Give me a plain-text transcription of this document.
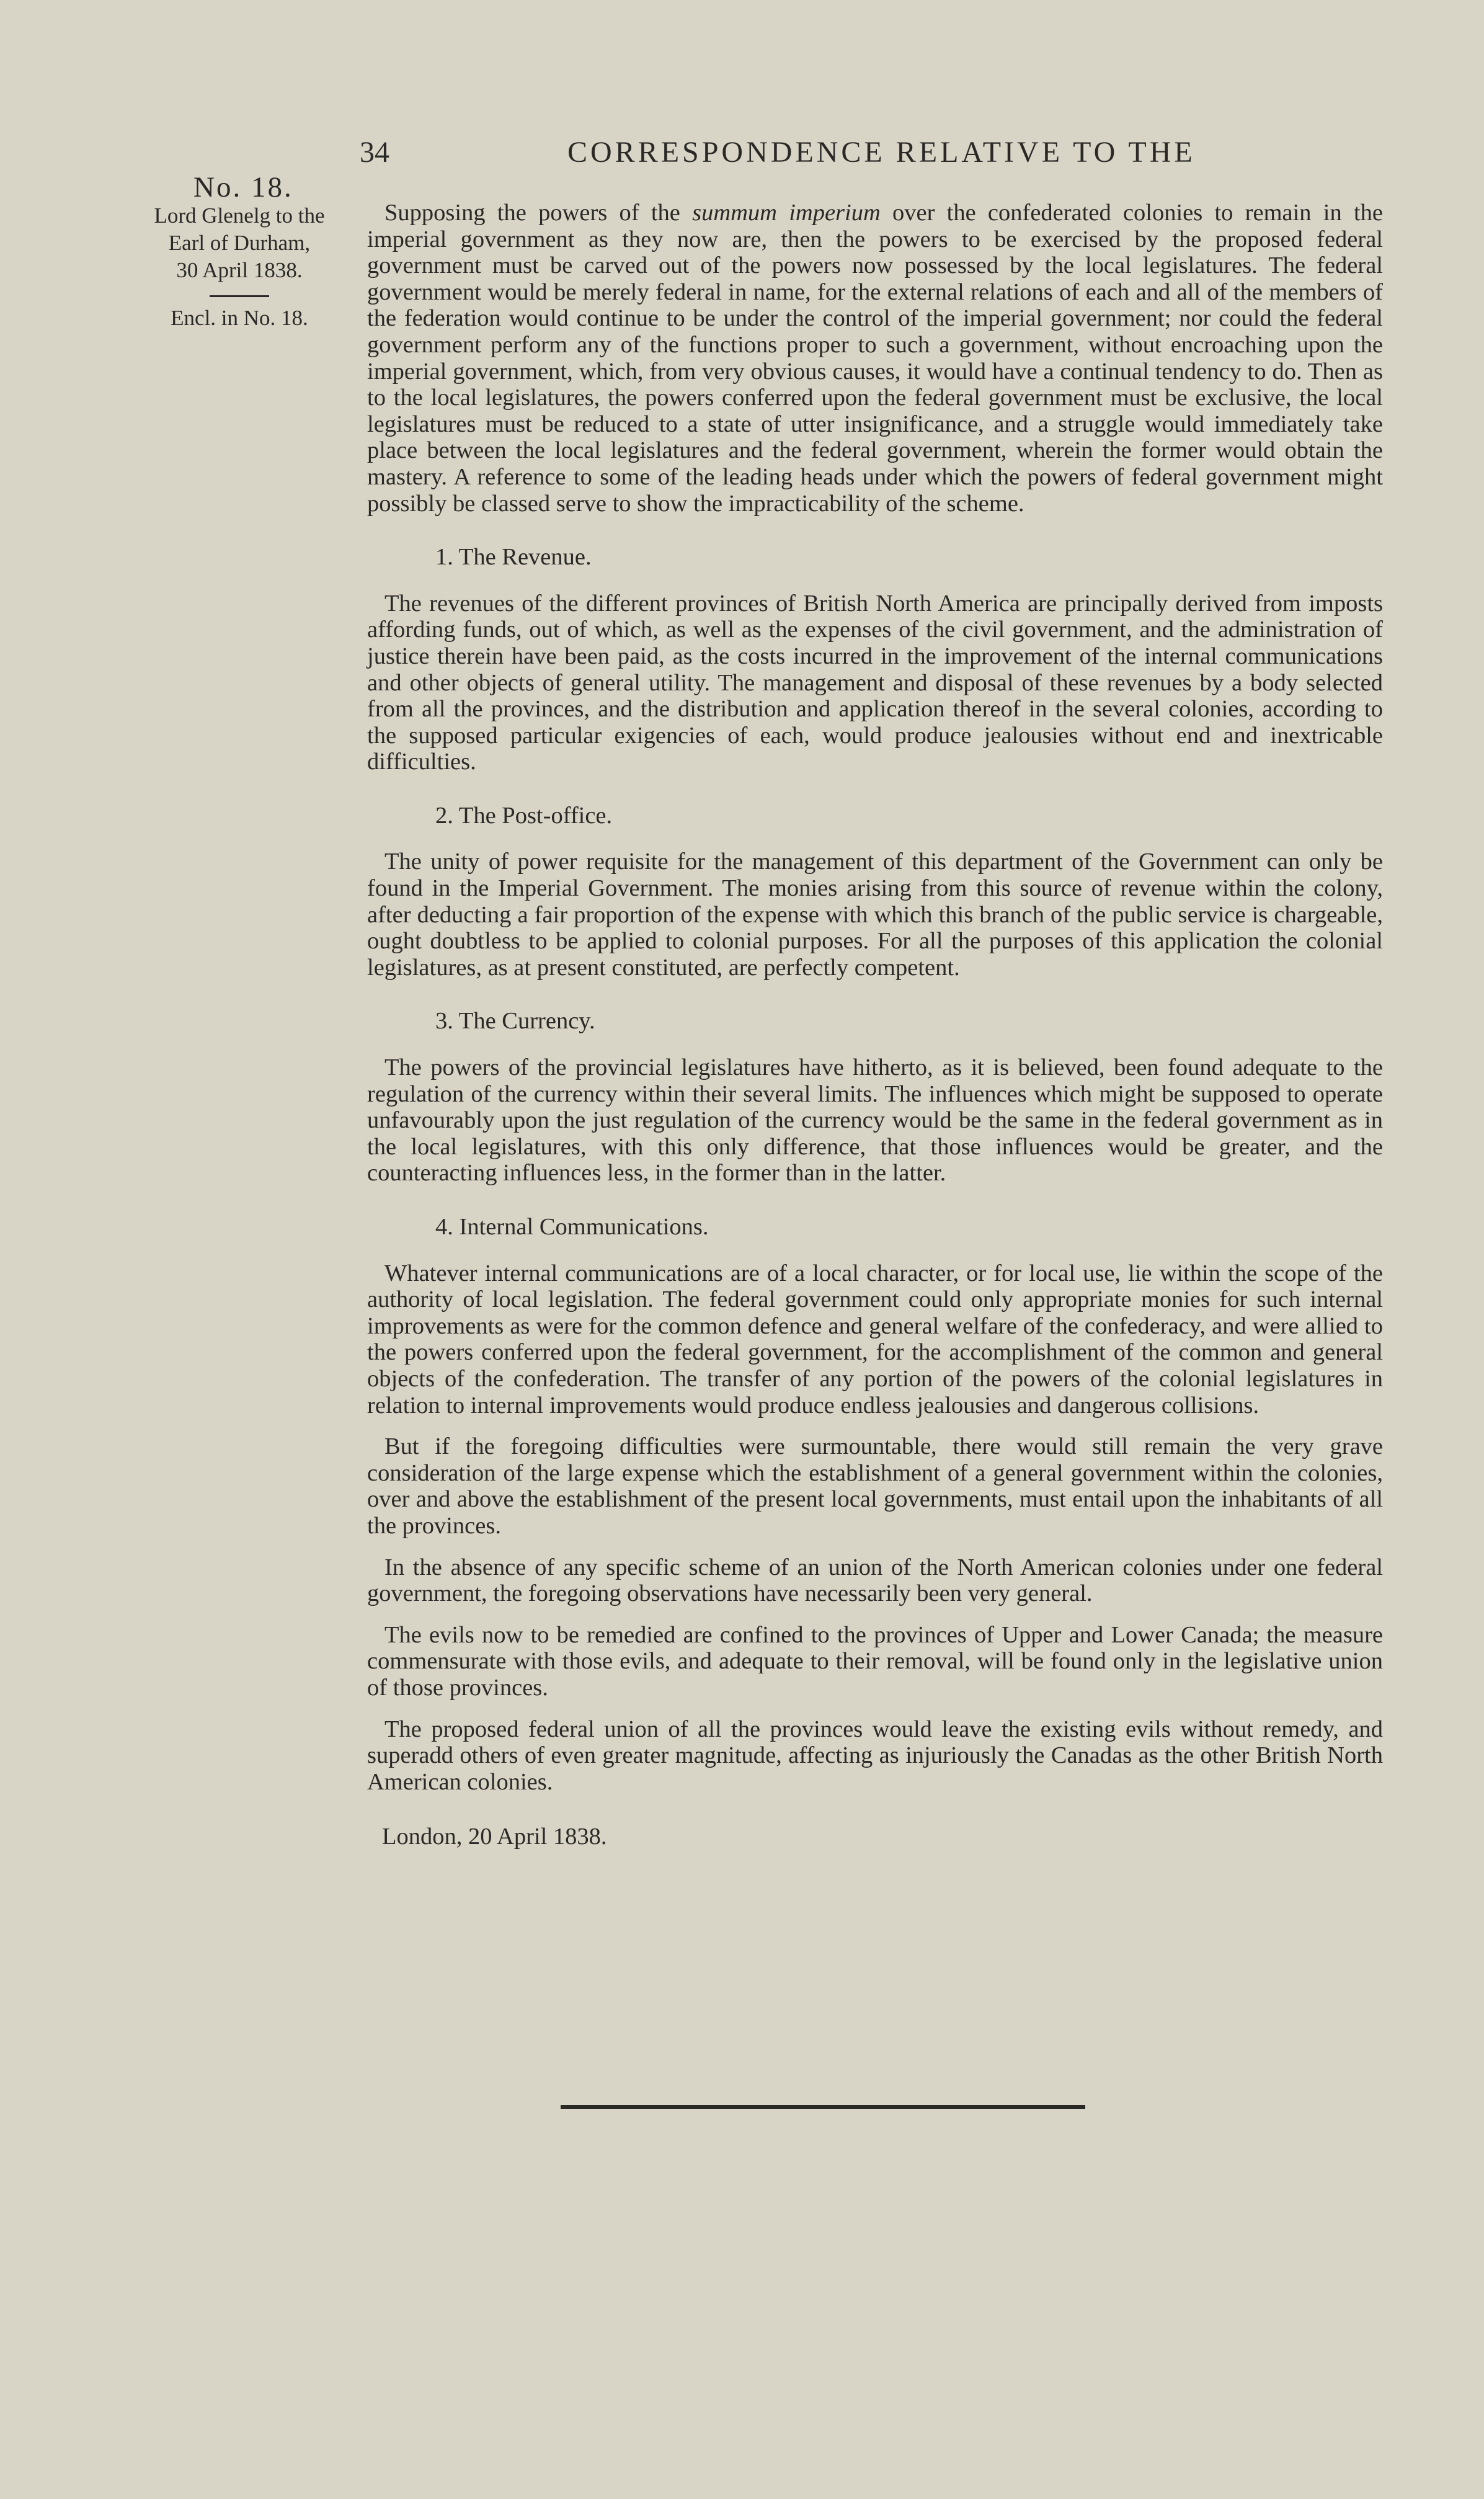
34	CORRESPONDENCE RELATIVE TO THE
No. 18.
Lord Glenelg to the
Earl of Durham,
30 April 1838.
Encl. in No. 18.

Supposing the powers of the summum imperium over the confederated colonies to remain in the imperial government as they now are, then the powers to be exercised by the proposed federal government must be carved out of the powers now possessed by the local legislatures. The federal government would be merely federal in name, for the external relations of each and all of the members of the federation would continue to be under the control of the imperial government; nor could the federal government perform any of the functions proper to such a government, without encroaching upon the imperial government, which, from very obvious causes, it would have a continual tendency to do. Then as to the local legislatures, the powers conferred upon the federal government must be exclusive, the local legislatures must be reduced to a state of utter insignificance, and a struggle would immediately take place between the local legislatures and the federal government, wherein the former would obtain the mastery. A reference to some of the leading heads under which the powers of federal government might possibly be classed serve to show the impracticability of the scheme.

1. The Revenue.

The revenues of the different provinces of British North America are principally derived from imposts affording funds, out of which, as well as the expenses of the civil government, and the administration of justice therein have been paid, as the costs incurred in the improvement of the internal communications and other objects of general utility. The management and disposal of these revenues by a body selected from all the provinces, and the distribution and application thereof in the several colonies, according to the supposed particular exigencies of each, would produce jealousies without end and inextricable difficulties.

2. The Post-office.

The unity of power requisite for the management of this department of the Government can only be found in the Imperial Government. The monies arising from this source of revenue within the colony, after deducting a fair proportion of the expense with which this branch of the public service is chargeable, ought doubtless to be applied to colonial purposes. For all the purposes of this application the colonial legislatures, as at present constituted, are perfectly competent.

3. The Currency.

The powers of the provincial legislatures have hitherto, as it is believed, been found adequate to the regulation of the currency within their several limits. The influences which might be supposed to operate unfavourably upon the just regulation of the currency would be the same in the federal government as in the local legislatures, with this only difference, that those influences would be greater, and the counteracting influences less, in the former than in the latter.

4. Internal Communications.

Whatever internal communications are of a local character, or for local use, lie within the scope of the authority of local legislation. The federal government could only appropriate monies for such internal improvements as were for the common defence and general welfare of the confederacy, and were allied to the powers conferred upon the federal government, for the accomplishment of the common and general objects of the confederation. The transfer of any portion of the powers of the colonial legislatures in relation to internal improvements would produce endless jealousies and dangerous collisions.

But if the foregoing difficulties were surmountable, there would still remain the very grave consideration of the large expense which the establishment of a general government within the colonies, over and above the establishment of the present local governments, must entail upon the inhabitants of all the provinces.

In the absence of any specific scheme of an union of the North American colonies under one federal government, the foregoing observations have necessarily been very general.

The evils now to be remedied are confined to the provinces of Upper and Lower Canada; the measure commensurate with those evils, and adequate to their removal, will be found only in the legislative union of those provinces.

The proposed federal union of all the provinces would leave the existing evils without remedy, and superadd others of even greater magnitude, affecting as injuriously the Canadas as the other British North American colonies.

London, 20 April 1838.
